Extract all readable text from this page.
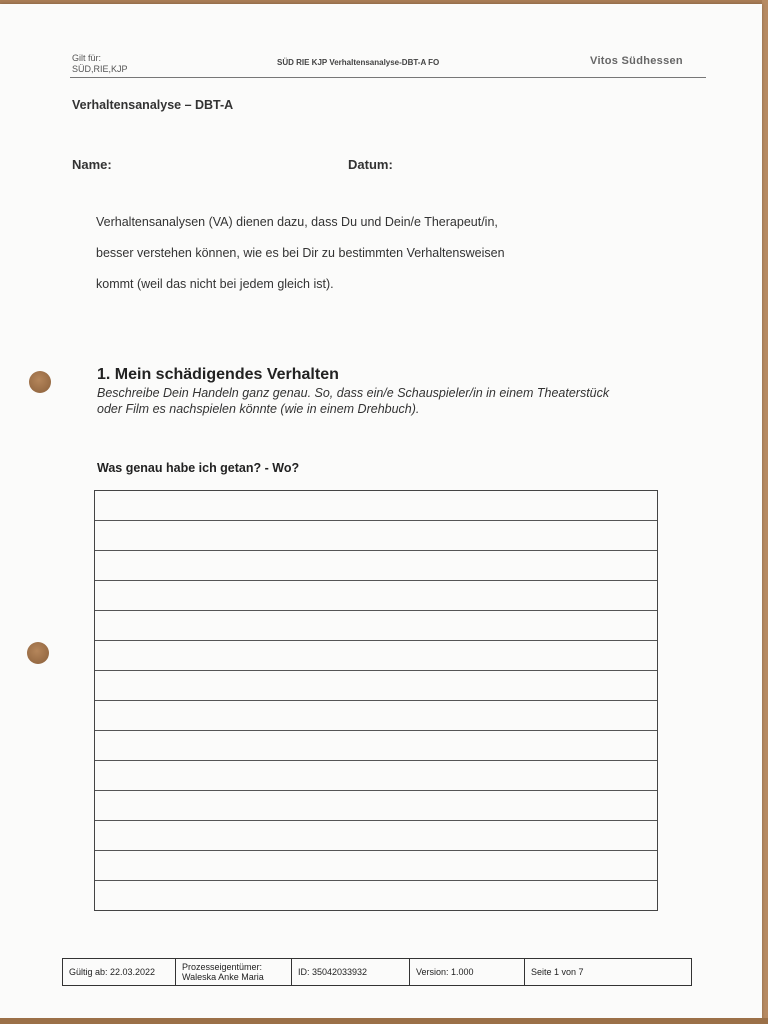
Gilt für:
SÜD,RIE,KJP
SÜD RIE KJP Verhaltensanalyse-DBT-A FO	Vitos Südhessen
Verhaltensanalyse – DBT-A
Name:	Datum:

Verhaltensanalysen (VA) dienen dazu, dass Du und Dein/e Therapeut/in,

besser verstehen können, wie es bei Dir zu bestimmten Verhaltensweisen

kommt (weil das nicht bei jedem gleich ist).

1. Mein schädigendes Verhalten
Beschreibe Dein Handeln ganz genau. So, dass ein/e Schauspieler/in in einem Theaterstück
oder Film es nachspielen könnte (wie in einem Drehbuch).
Was genau habe ich getan? - Wo?
Gültig ab: 22.03.2022	Prozesseigentümer:
Waleska Anke Maria	ID: 35042033932	Version: 1.000	Seite 1 von 7
